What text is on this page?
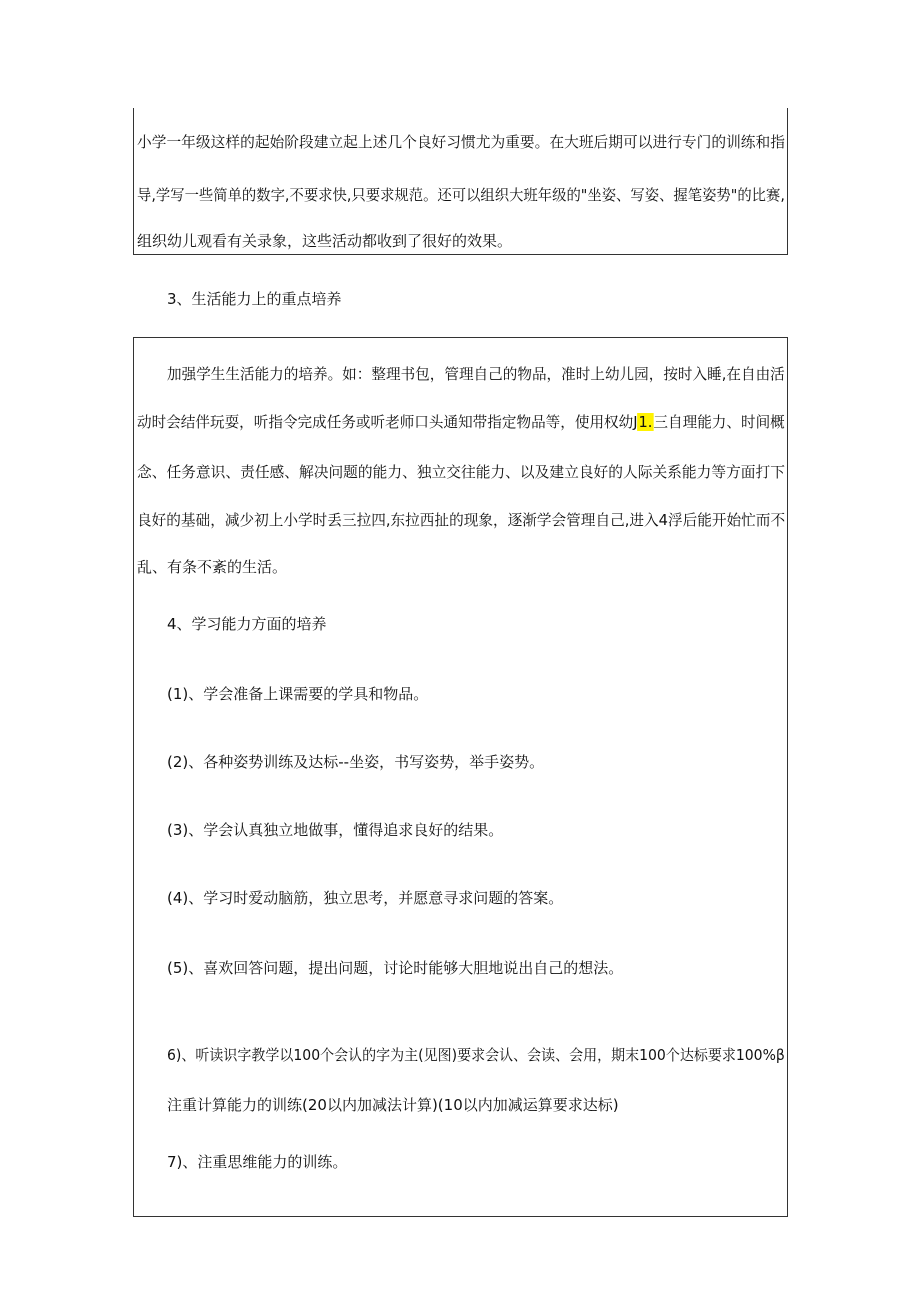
小学一年级这样的起始阶段建立起上述几个良好习惯尤为重要。在大班后期可以进行专门的训练和指
导,学写一些简单的数字,不要求快,只要求规范。还可以组织大班年级的"坐姿、写姿、握笔姿势"的比赛,
组织幼儿观看有关录象，这些活动都收到了很好的效果。
3、生活能力上的重点培养
加强学生生活能力的培养。如：整理书包，管理自己的物品，准时上幼儿园，按时入睡,在自由活
动时会结伴玩耍，听指令完成任务或听老师口头通知带指定物品等，使用权幼J1.三自理能力、时间概
念、任务意识、责任感、解决问题的能力、独立交往能力、以及建立良好的人际关系能力等方面打下
良好的基础，减少初上小学时丢三拉四,东拉西扯的现象，逐渐学会管理自己,进入4浮后能开始忙而不
乱、有条不紊的生活。
4、学习能力方面的培养
(1)、学会准备上课需要的学具和物品。
(2)、各种姿势训练及达标--坐姿，书写姿势，举手姿势。
(3)、学会认真独立地做事，懂得追求良好的结果。
(4)、学习时爱动脑筋，独立思考，并愿意寻求问题的答案。
(5)、喜欢回答问题，提出问题，讨论时能够大胆地说出自己的想法。
6)、听读识字教学以100个会认的字为主(见图)要求会认、会读、会用，期末100个达标要求100%β
注重计算能力的训练(20以内加减法计算)(10以内加减运算要求达标)
7)、注重思维能力的训练。
